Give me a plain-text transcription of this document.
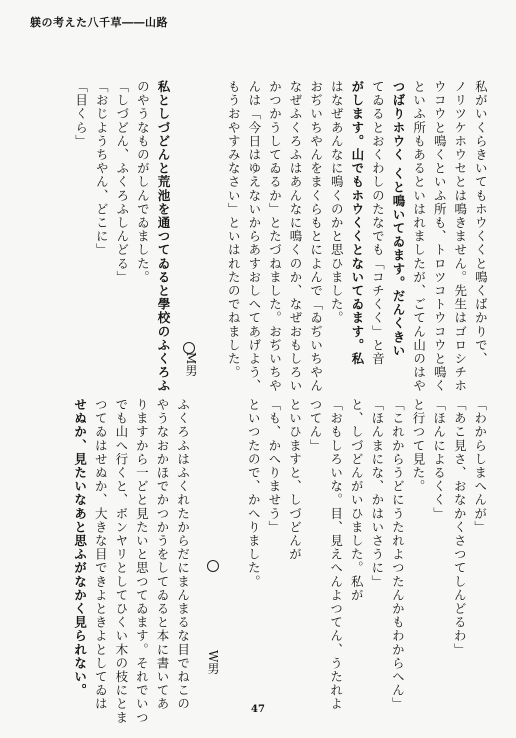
躾の考えた八千草――山路
私がいくらきいてもホウくくと鳴くばかりで、
ノリツケホウセとは鳴きません。先生はゴロシチホ
ウコウと鳴くといふ所も、トロツコトウコウと鳴く
といふ所もあるといはれましたが、ごてん山のはや
つばりホウく くと鳴いてゐます。だんくきい
てゐるとおくわしのたなでも「コチくく」と音
がします。山でもホウくくとないてゐます。私
はなぜあんなに鳴くのかと思ひました。
おぢいちやんをまくらもとによんで「ゐぢいちやん
なぜふくろふはあんなに鳴くのか、なぜおもしろい
かつかうしてゐるか」とたづねました。おぢいちや
んは「今日はゆえないからあすおしへてあげよう、
もうおやすみなさい」といはれたのでねました。
M男
私としづどんと荒池を通つてゐると學校のふくろふ
のやうなものがしんでゐました。
「しづどん、ふくろふしんどる」
「おじようちやん、どこに」
「目くら」
「わからしまへんが」
「あこ見さ、おなかくさつてしんどるわ」
「ほんによるくく」
と行つて見た。
「これからうどにうたれよつたんかもわからへん」
「ほんまにな、かはいさうに」
と、しづどんがいひました。私が
「おもしろいな。目、見えへんよつてん、うたれよ
つてん」
といひますと、しづどんが
「も、かへりませう」
といつたので、かへりました。
W男
47
ふくろふはふくれたからだにまんまるな目でねこの
やうなおかほでかつかうをしてゐると本に書いてあ
りますから一どと見たいと思つてゐます。それでいつ
でも山へ行くと、ボンヤリとしてひくい木の枝にとま
つてゐはせぬか、大きな目できよときよとしてゐは
せぬか、見たいなあと思ふがなかく見られない。
